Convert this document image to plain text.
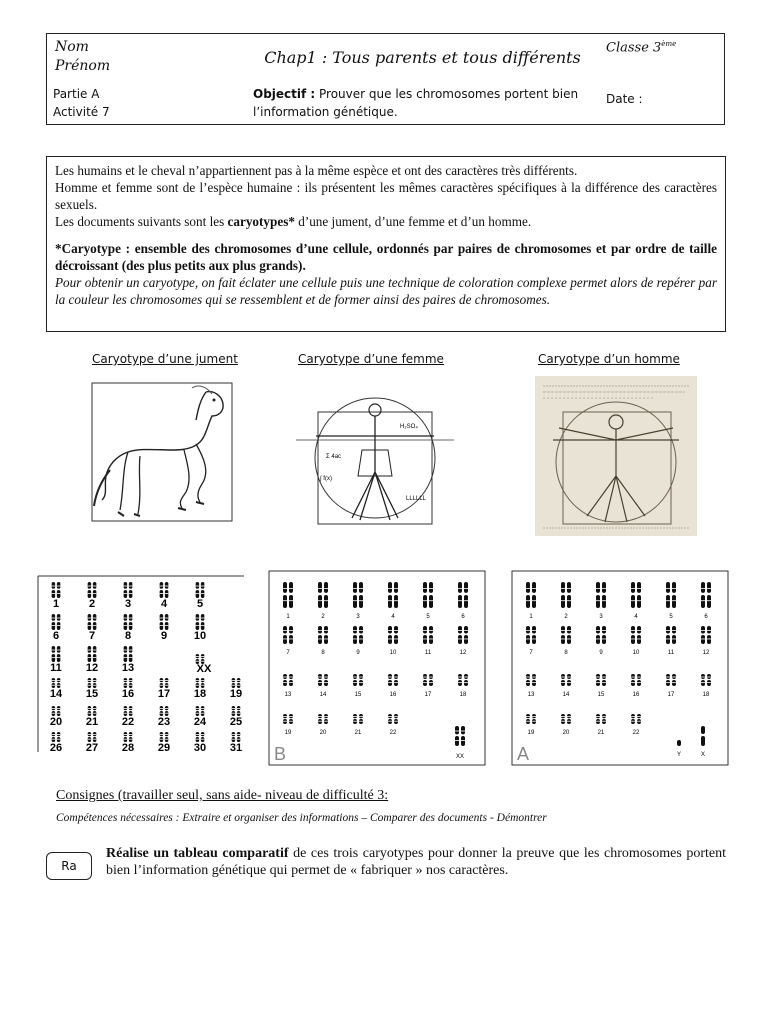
Nom
Prénom	Chap1 : Tous parents et tous différents
Classe 3ème
Partie A
Activité 7
Objectif : Prouver que les chromosomes portent bien l’information génétique.
Date :

Les humains et le cheval n’appartiennent pas à la même espèce et ont des caractères très différents.

Homme et femme sont de l’espèce humaine : ils présentent les mêmes caractères spécifiques à la différence des caractères sexuels.

Les documents suivants sont les caryotypes* d’une jument, d’une femme et d’un homme.

*Caryotype : ensemble des chromosomes d’une cellule, ordonnés par paires de chromosomes et par ordre de taille décroissant (des plus petits aux plus grands).

Pour obtenir un caryotype, on fait éclater une cellule puis une technique de coloration complexe permet alors de repérer par la couleur les chromosomes qui se ressemblent et de former ainsi des paires de chromosomes.

Caryotype d’une jument	Caryotype d’une femme	Caryotype d’un homme
Σ 4ac
H₂SO₄
∫ f(x)
LLLLLL
1	2	3	4	5
6	7	8	9 10
11 12 13
14 15 16 17 18 19
20 21 22 23 24 25
26 27 28 29 30 31
XX
1	2	3	4	5	6
7	8	9	10	11	12
13	14	15	16	17	18
19	20	21	22
XX
B
1	2	3	4	5	6
7	8	9	10	11	12
13	14	15	16	17	18
19	20	21	22
Y	X
A
Consignes (travailler seul, sans aide- niveau de difficulté 3:
Compétences nécessaires : Extraire et organiser des informations – Comparer des documents - Démontrer
Ra
Réalise un tableau comparatif de ces trois caryotypes pour donner la preuve que les chromosomes portent bien l’information génétique qui permet de « fabriquer » nos caractères.
